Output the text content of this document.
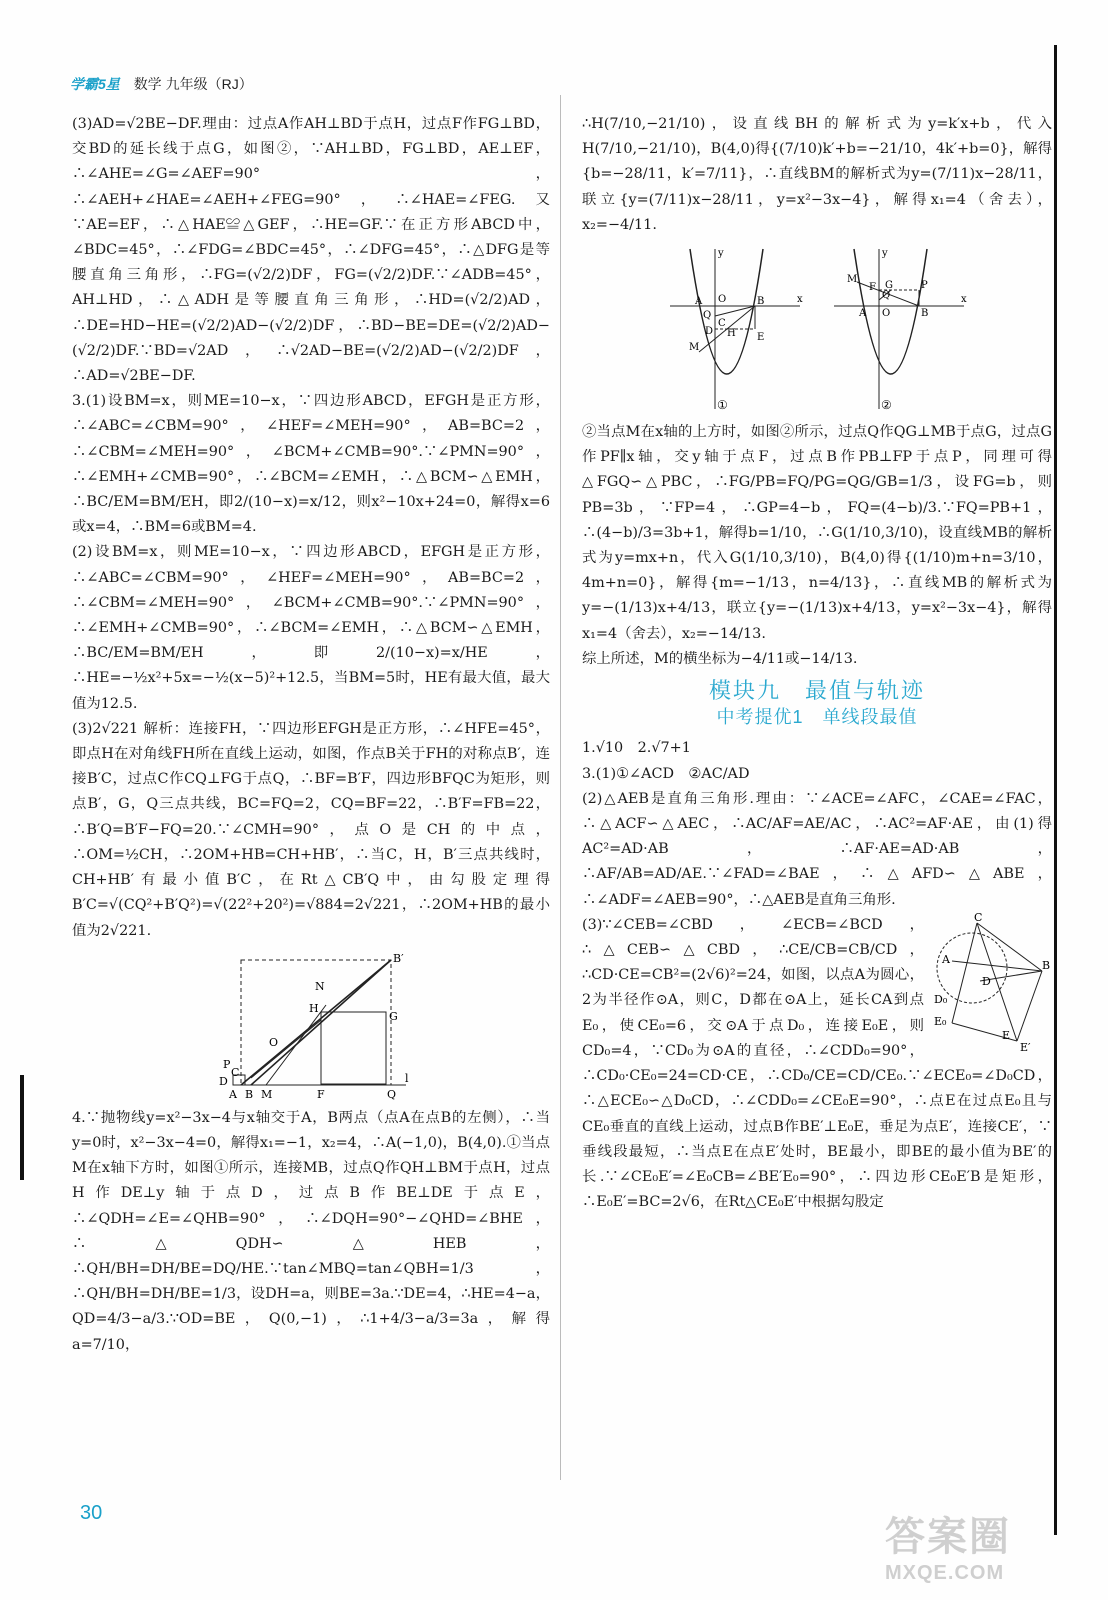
学霸5星 数学 九年级（RJ）

(3)AD=√2BE−DF.理由：过点A作AH⊥BD于点H，过点F作FG⊥BD，交BD的延长线于点G，如图②，∵AH⊥BD，FG⊥BD，AE⊥EF，∴∠AHE=∠G=∠AEF=90°，∴∠AEH+∠HAE=∠AEH+∠FEG=90°，∴∠HAE=∠FEG.又∵AE=EF，∴△HAE≌△GEF，∴HE=GF.∵在正方形ABCD中，∠BDC=45°，∴∠FDG=∠BDC=45°，∴∠DFG=45°，∴△DFG是等腰直角三角形，∴FG=(√2/2)DF，FG=(√2/2)DF.∵∠ADB=45°，AH⊥HD，∴△ADH是等腰直角三角形，∴HD=(√2/2)AD，∴DE=HD−HE=(√2/2)AD−(√2/2)DF，∴BD−BE=DE=(√2/2)AD−(√2/2)DF.∵BD=√2AD，∴√2AD−BE=(√2/2)AD−(√2/2)DF，∴AD=√2BE−DF.

3.(1)设BM=x，则ME=10−x，∵四边形ABCD，EFGH是正方形，∴∠ABC=∠CBM=90°，∠HEF=∠MEH=90°，AB=BC=2，∴∠CBM=∠MEH=90°，∠BCM+∠CMB=90°.∵∠PMN=90°，∴∠EMH+∠CMB=90°，∴∠BCM=∠EMH，∴△BCM∽△EMH，∴BC/EM=BM/EH，即2/(10−x)=x/12，则x²−10x+24=0，解得x=6或x=4，∴BM=6或BM=4.

(2)设BM=x，则ME=10−x，∵四边形ABCD，EFGH是正方形，∴∠ABC=∠CBM=90°，∠HEF=∠MEH=90°，AB=BC=2，∴∠CBM=∠MEH=90°，∠BCM+∠CMB=90°.∵∠PMN=90°，∴∠EMH+∠CMB=90°，∴∠BCM=∠EMH，∴△BCM∽△EMH，∴BC/EM=BM/EH，即2/(10−x)=x/HE，∴HE=−½x²+5x=−½(x−5)²+12.5，当BM=5时，HE有最大值，最大值为12.5.

(3)2√221 解析：连接FH，∵四边形EFGH是正方形，∴∠HFE=45°，即点H在对角线FH所在直线上运动，如图，作点B关于FH的对称点B′，连接B′C，过点C作CQ⊥FG于点Q，∴BF=B′F，四边形BFQC为矩形，则点B′，G，Q三点共线，BC=FQ=2，CQ=BF=22，∴B′F=FB=22，∴B′Q=B′F−FQ=20.∵∠CMH=90°，点O是CH的中点，∴OM=½CH，∴2OM+HB=CH+HB′，∴当C，H，B′三点共线时，CH+HB′有最小值B′C，在Rt△CB′Q中，由勾股定理得B′C=√(CQ²+B′Q²)=√(22²+20²)=√884=2√221，∴2OM+HB的最小值为2√221.

B′
N
H
G
O
P
C
D
A B M	F	Q
l

4.∵抛物线y=x²−3x−4与x轴交于A，B两点（点A在点B的左侧），∴当y=0时，x²−3x−4=0，解得x₁=−1，x₂=4，∴A(−1,0)，B(4,0).①当点M在x轴下方时，如图①所示，连接MB，过点Q作QH⊥BM于点H，过点H作DE⊥y轴于点D，过点B作BE⊥DE于点E，∴∠QDH=∠E=∠QHB=90°，∴∠DQH=90°−∠QHD=∠BHE，∴△QDH∽△HEB，∴QH/BH=DH/BE=DQ/HE.∵tan∠MBQ=tan∠QBH=1/3，∴QH/BH=DH/BE=1/3，设DH=a，则BE=3a.∵DE=4，∴HE=4−a，QD=4/3−a/3.∵OD=BE，Q(0,−1)，∴1+4/3−a/3=3a，解得a=7/10，

∴H(7/10,−21/10)，设直线BH的解析式为y=k′x+b，代入H(7/10,−21/10)，B(4,0)得{(7/10)k′+b=−21/10，4k′+b=0}，解得{b=−28/11，k′=7/11}，∴直线BM的解析式为y=(7/11)x−28/11，联立{y=(7/11)x−28/11，y=x²−3x−4}，解得x₁=4（舍去），x₂=−4/11.

x
y
A O
Q
C
H
B
D
E
M
①
x
y
M
F G
Q
P
A O	B
②

②当点M在x轴的上方时，如图②所示，过点Q作QG⊥MB于点G，过点G作PF∥x轴，交y轴于点F，过点B作PB⊥FP于点P，同理可得△FGQ∽△PBC，∴FG/PB=FQ/PG=QG/GB=1/3，设FG=b，则PB=3b，∵FP=4，∴GP=4−b，FQ=(4−b)/3.∵FQ=PB+1，∴(4−b)/3=3b+1，解得b=1/10，∴G(1/10,3/10)，设直线MB的解析式为y=mx+n，代入G(1/10,3/10)，B(4,0)得{(1/10)m+n=3/10，4m+n=0}，解得{m=−1/13，n=4/13}，∴直线MB的解析式为y=−(1/13)x+4/13，联立{y=−(1/13)x+4/13，y=x²−3x−4}，解得x₁=4（舍去），x₂=−14/13.

综上所述，M的横坐标为−4/11或−14/13.

模块九　最值与轨迹
中考提优1　单线段最值

1.√10　2.√7+1

3.(1)①∠ACD　②AC/AD

(2)△AEB是直角三角形.理由：∵∠ACE=∠AFC，∠CAE=∠FAC，∴△ACF∽△AEC，∴AC/AF=AE/AC，∴AC²=AF·AE，由(1)得AC²=AD·AB，∴AF·AE=AD·AB，∴AF/AB=AD/AE.∵∠FAD=∠BAE，∴△AFD∽△ABE，∴∠ADF=∠AEB=90°，∴△AEB是直角三角形.

C
A
D
D₀
E₀
E
E′
B

(3)∵∠CEB=∠CBD，∠ECB=∠BCD，∴△CEB∽△CBD，∴CE/CB=CB/CD，∴CD·CE=CB²=(2√6)²=24，如图，以点A为圆心，2为半径作⊙A，则C，D都在⊙A上，延长CA到点E₀，使CE₀=6，交⊙A于点D₀，连接E₀E，则CD₀=4，∵CD₀为⊙A的直径，∴∠CDD₀=90°，∴CD₀·CE₀=24=CD·CE，∴CD₀/CE=CD/CE₀.∵∠ECE₀=∠D₀CD，∴△ECE₀∽△D₀CD，∴∠CDD₀=∠CE₀E=90°，∴点E在过点E₀且与CE₀垂直的直线上运动，过点B作BE′⊥E₀E，垂足为点E′，连接CE′，∵垂线段最短，∴当点E在点E′处时，BE最小，即BE的最小值为BE′的长.∵∠CE₀E′=∠E₀CB=∠BE′E₀=90°，∴四边形CE₀E′B是矩形，∴E₀E′=BC=2√6，在Rt△CE₀E′中根据勾股定

30
答案圈
MXQE.COM
